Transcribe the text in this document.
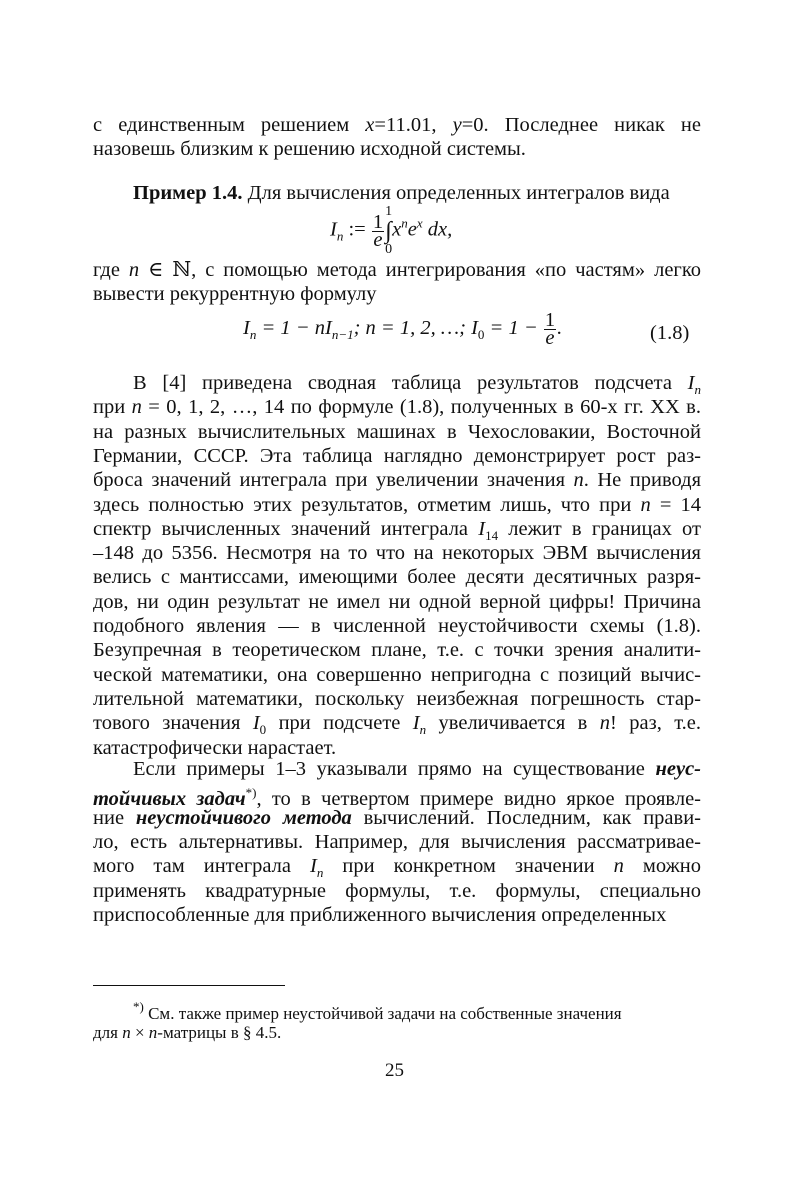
с единственным решением x=11.01, y=0. Последнее никак не
назовешь близким к решению исходной системы.
Пример 1.4. Для вычисления определенных интегралов вида
где n ∈ ℕ, с помощью метода интегрирования «по частям» легко
вывести рекуррентную формулу
В [4] приведена сводная таблица результатов подсчета $I_n$
при n = 0, 1, 2, …, 14 по формуле (1.8), полученных в 60-х гг. XX в.
на разных вычислительных машинах в Чехословакии, Восточной
Германии, СССР. Эта таблица наглядно демонстрирует рост раз-
броса значений интеграла при увеличении значения n. Не приводя
здесь полностью этих результатов, отметим лишь, что при n = 14
спектр вычисленных значений интеграла $I_{14}$ лежит в границах от
–148 до 5356. Несмотря на то что на некоторых ЭВМ вычисления
велись с мантиссами, имеющими более десяти десятичных разря-
дов, ни один результат не имел ни одной верной цифры! Причина
подобного явления — в численной неустойчивости схемы (1.8).
Безупречная в теоретическом плане, т.е. с точки зрения аналити-
ческой математики, она совершенно непригодна с позиций вычис-
лительной математики, поскольку неизбежная погрешность стар-
тового значения $I_0$ при подсчете $I_n$ увеличивается в n! раз, т.е.
катастрофически нарастает.
Если примеры 1–3 указывали прямо на существование неус-
тойчивых задач*), то в четвертом примере видно яркое проявле-
ние неустойчивого метода вычислений. Последним, как прави-
ло, есть альтернативы. Например, для вычисления рассматривае-
мого там интеграла $I_n$ при конкретном значении n можно
применять квадратурные формулы, т.е. формулы, специально
приспособленные для приближенного вычисления определенных
$I_n$ := $\frac{1}{e}$
1
∫
0
$x^ne^x$ dx,
$I_n = 1 - nI_{n-1}$; n = 1, 2, …; $I_0 = 1 - \frac{1}{e}$ .	(1.8)
*) См. также пример неустойчивой задачи на собственные значения
для n × n-матрицы в § 4.5.
25
